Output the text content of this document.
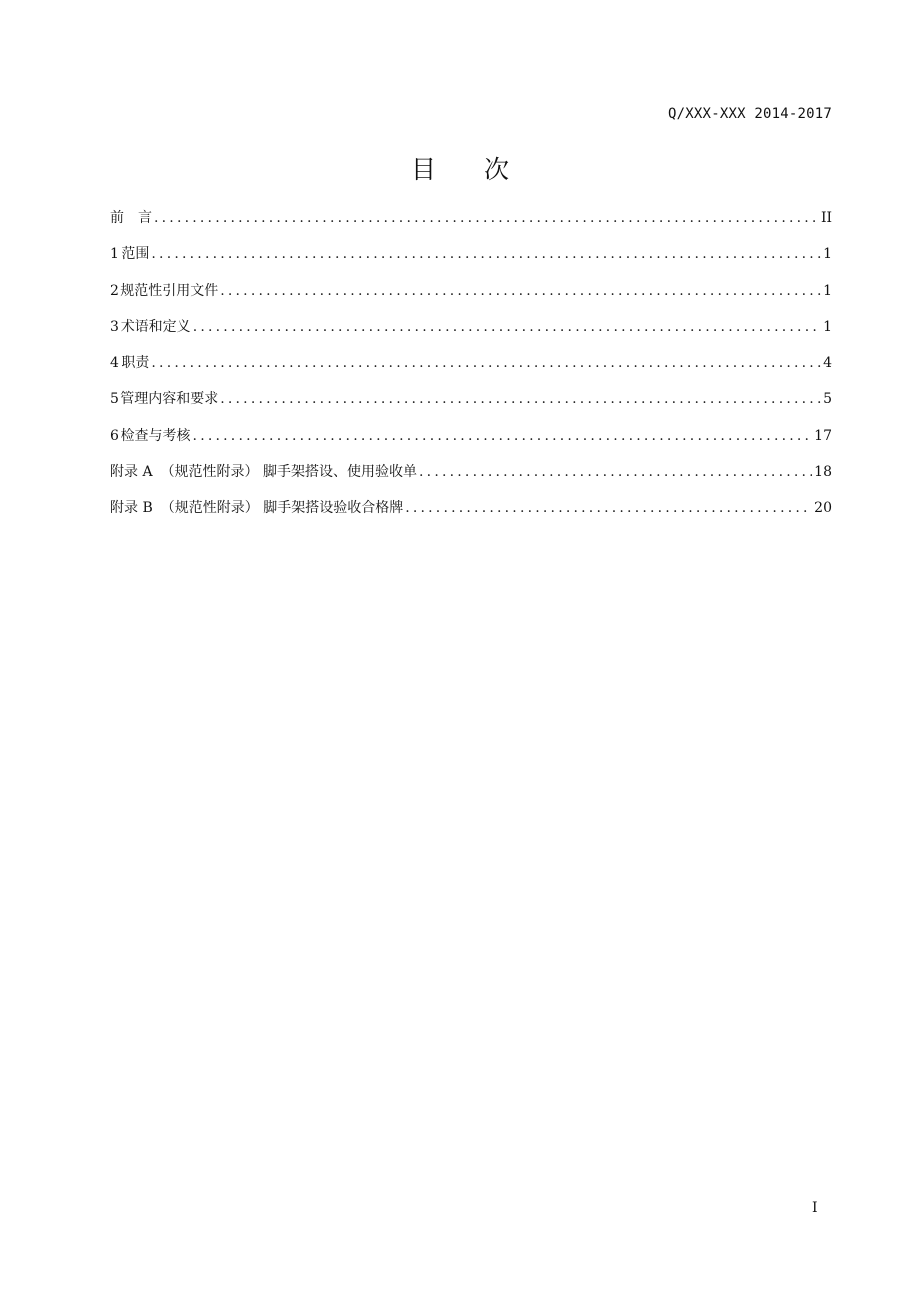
Q/XXX-XXX 2014-2017
目 次
前　言 .....	II
1 范围 .....	1
2 规范性引用文件 .....	1
3 术语和定义 .....	1
4 职责 .....	4
5 管理内容和要求 .....	5
6 检查与考核 .....	17
附录 A （规范性附录） 脚手架搭设、使用验收单 .....	18
附录 B （规范性附录） 脚手架搭设验收合格牌 .....	20
I
